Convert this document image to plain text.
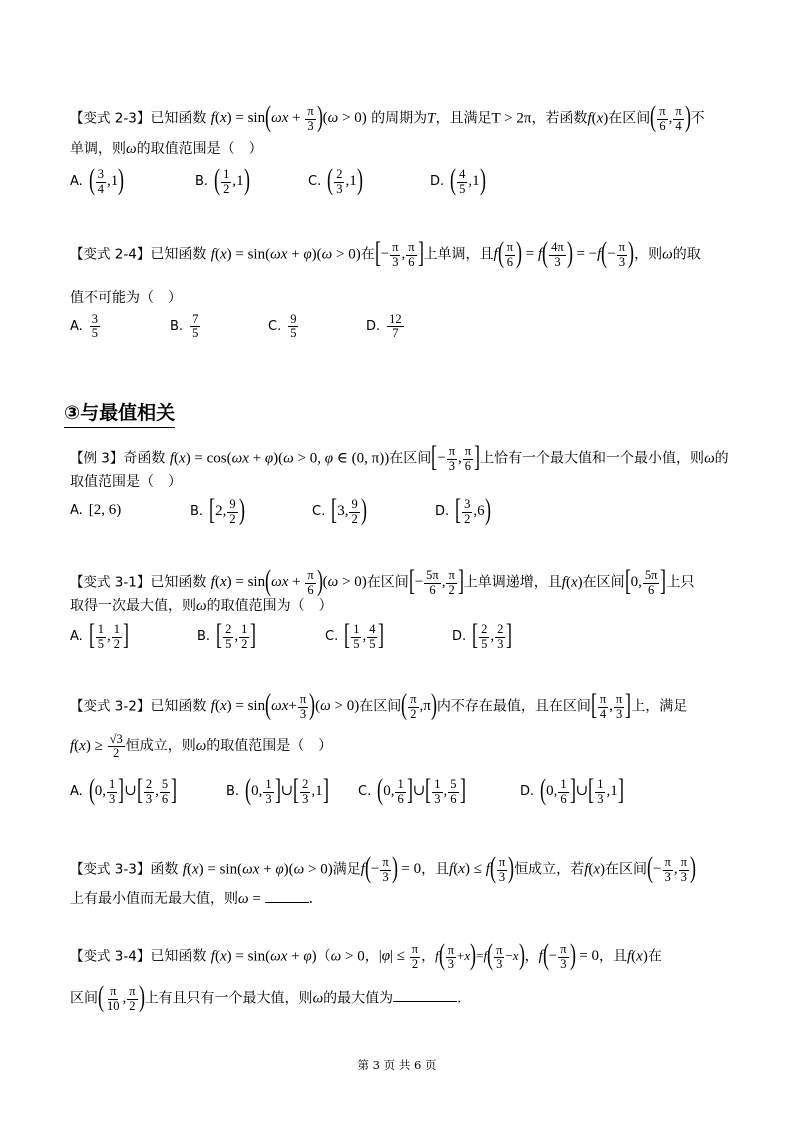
【变式 2-3】已知函数 $f(x) = \sin(\omega x + \frac{\pi}{3} )(\omega > 0)$ 的周期为T，且满足T > 2π，若函数f(x)在区间( $\frac{\pi}{6}$ , $\frac{\pi}{4}$ )不
单调，则ω的取值范围是（　）
A. ( $\frac{3}{4} ,1$)	B. ( $\frac{1}{2} ,1$)	C. ( $\frac{2}{3} ,1$)	D. ( $\frac{4}{5} ,1$)
【变式 2-4】已知函数 f(x) = sin(ωx + φ)(ω > 0)在[− $\frac{\pi}{3}$ , $\frac{\pi}{6}$ ]上单调，且$f( \frac{\pi}{6}$ ) = $f( \frac{4\pi}{3}$ ) = $-f(- \frac{\pi}{3}$ )，则ω的取
值不可能为（　）
A. $\frac{3}{5}$	B. $\frac{7}{5}$	C. $\frac{9}{5}$	D. $\frac{12}{7}$
③与最值相关
【例 3】奇函数 f(x) = cos(ωx + φ)(ω > 0, φ ∈ (0, π))在区间[− $\frac{\pi}{3}$ , $\frac{\pi}{6}$ ]上恰有一个最大值和一个最小值，则ω的
取值范围是（　）
A. [2, 6)	B. [2, $\frac{9}{2}$ )	C. [3, $\frac{9}{2}$ )	D. [ $\frac{3}{2} ,6$)
【变式 3-1】已知函数 $f(x) = \sin(\omega x + \frac{\pi}{6} )(\omega > 0)$在区间[− $\frac{5\pi}{6}$ , $\frac{\pi}{2}$ ]上单调递增，且f(x)在区间[0, $\frac{5\pi}{6}$ ]上只
取得一次最大值，则ω的取值范围为（　）
A. [ $\frac{1}{5}$ , $\frac{1}{2}$ ]	B. [ $\frac{2}{5}$ , $\frac{1}{2}$ ]	C. [ $\frac{1}{5}$ , $\frac{4}{5}$ ]	D. [ $\frac{2}{5}$ , $\frac{2}{3}$ ]
【变式 3-2】已知函数 $f(x) = \sin(\omega x+ \frac{\pi}{3} )(\omega > 0)$在区间( $\frac{\pi}{2} ,\pi$)内不存在最值，且在区间[ $\frac{\pi}{4}$ , $\frac{\pi}{3}$ ]上，满足
$f(x) \ge \frac{√3}{2}$ 恒成立，则ω的取值范围是（　）
A. (0, $\frac{1}{3}$ ]∪[ $\frac{2}{3}$ , $\frac{5}{6}$ ]	B. (0, $\frac{1}{3}$ ]∪[ $\frac{2}{3} ,1$] C. (0, $\frac{1}{6}$ ]∪[ $\frac{1}{3}$ , $\frac{5}{6}$ ]	D. (0, $\frac{1}{6}$ ]∪[ $\frac{1}{3} ,1$]
【变式 3-3】函数 f(x) = sin(ωx + φ)(ω > 0)满足$f(- \frac{\pi}{3}$ ) = 0，且$f(x) \le f( \frac{\pi}{3}$ )恒成立，若f(x)在区间(− $\frac{\pi}{3}$ , $\frac{\pi}{3}$ )
上有最小值而无最大值，则ω =	．
【变式 3-4】已知函数 f(x) = sin(ωx + φ)（ω > 0，$|\varphi| \le \frac{\pi}{2}$ ，$f( \frac{\pi}{3} +x)=f( \frac{\pi}{3} -x)$，$f(- \frac{\pi}{3}$ ) = 0，且f(x)在
区间( $\frac{\pi}{10}$ , $\frac{\pi}{2}$ )上有且只有一个最大值，则ω的最大值为	．
第 3 页 共 6 页
